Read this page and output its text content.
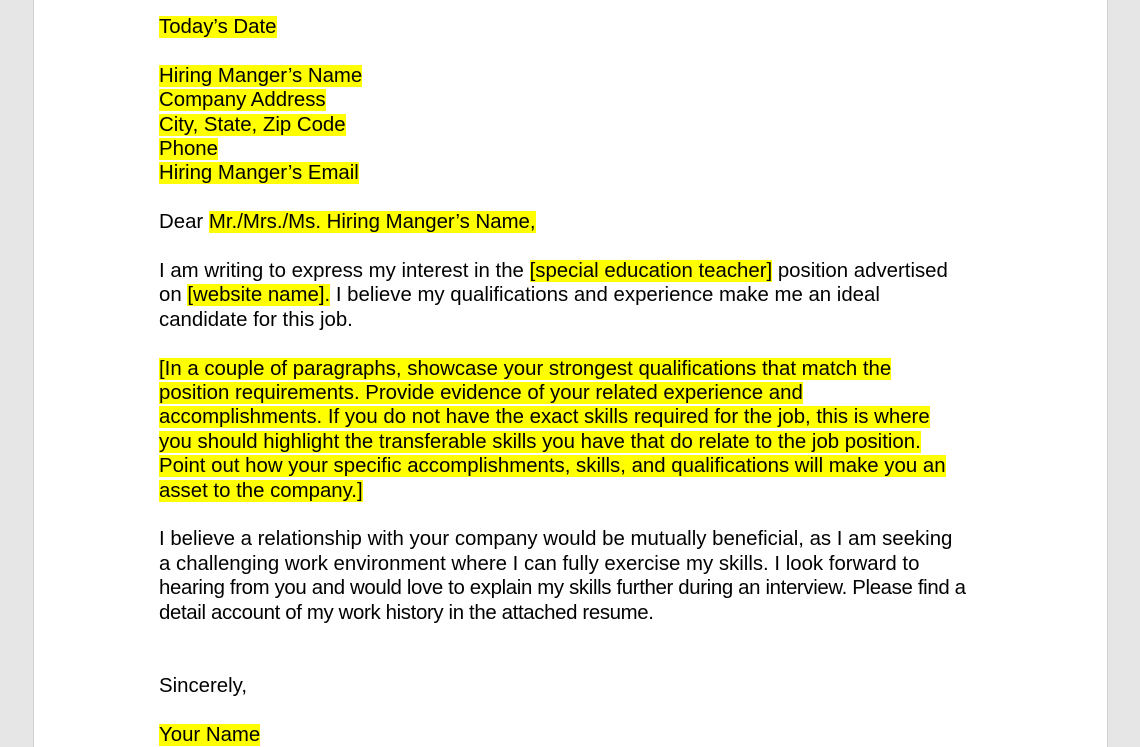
Today’s Date
Hiring Manger’s Name
Company Address
City, State, Zip Code
Phone
Hiring Manger’s Email
Dear Mr./Mrs./Ms. Hiring Manger’s Name,
I am writing to express my interest in the [special education teacher] position advertised
on [website name]. I believe my qualifications and experience make me an ideal
candidate for this job.
[In a couple of paragraphs, showcase your strongest qualifications that match the
position requirements. Provide evidence of your related experience and
accomplishments. If you do not have the exact skills required for the job, this is where
you should highlight the transferable skills you have that do relate to the job position.
Point out how your specific accomplishments, skills, and qualifications will make you an
asset to the company.]
I believe a relationship with your company would be mutually beneficial, as I am seeking
a challenging work environment where I can fully exercise my skills. I look forward to
hearing from you and would love to explain my skills further during an interview. Please find a
detail account of my work history in the attached resume.
Sincerely,
Your Name
